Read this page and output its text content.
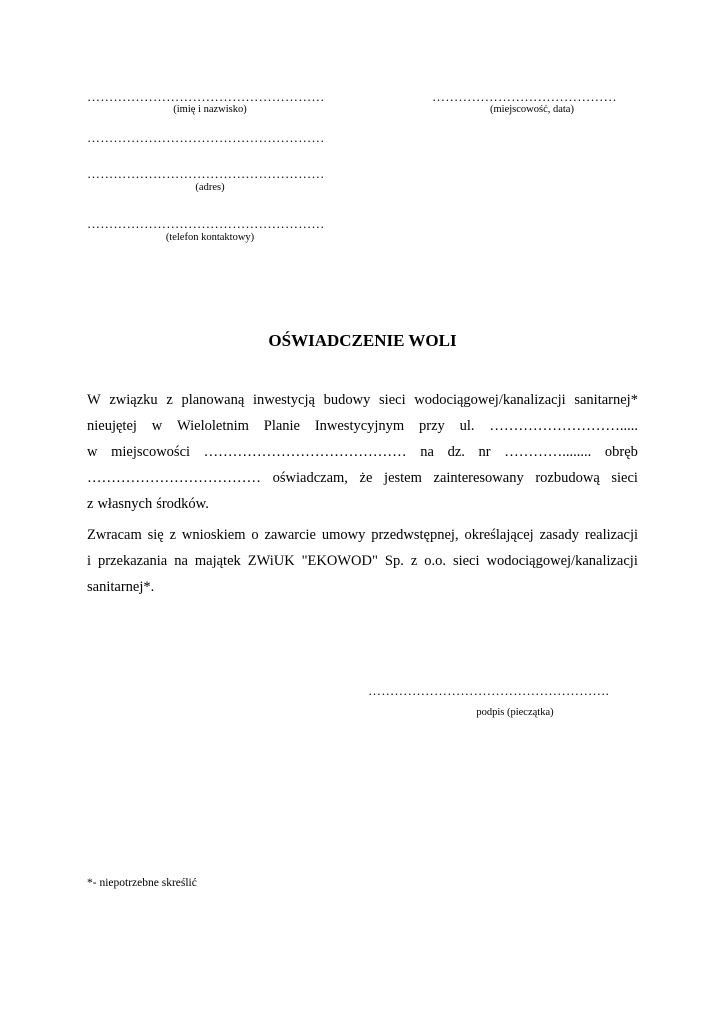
………………………………………………
(imię i nazwisko)
……………………………………
(miejscowość, data)
………………………………………………
………………………………………………
(adres)
………………………………………………
(telefon kontaktowy)
OŚWIADCZENIE WOLI
W związku z planowaną inwestycją budowy sieci wodociągowej/kanalizacji sanitarnej*
nieujętej w Wieloletnim Planie Inwestycyjnym przy ul. ……………………….....
w miejscowości …………………………………… na dz. nr …………........ obręb
……………………………… oświadczam, że jestem zainteresowany rozbudową sieci
z własnych środków.
Zwracam się z wnioskiem o zawarcie umowy przedwstępnej, określającej zasady realizacji
i przekazania na majątek ZWiUK "EKOWOD" Sp. z o.o. sieci wodociągowej/kanalizacji
sanitarnej*.
……………………………………………….
podpis (pieczątka)
*- niepotrzebne skreślić
